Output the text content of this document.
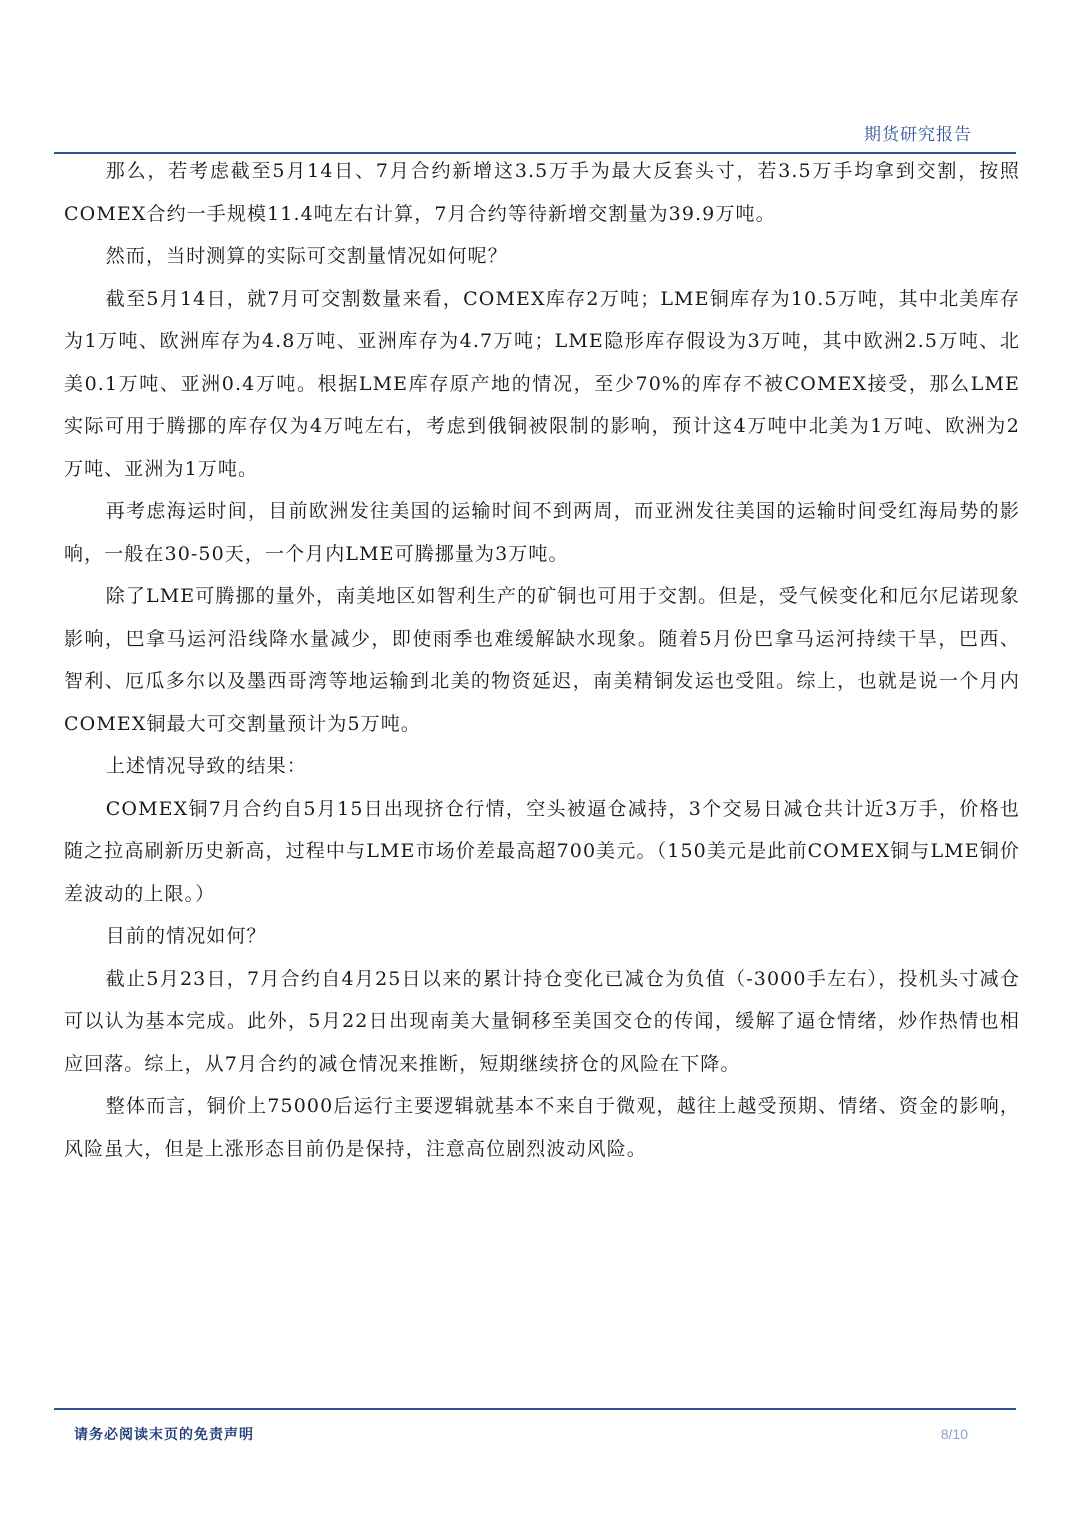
期货研究报告

那么，若考虑截至5月14日、7月合约新增这3.5万手为最大反套头寸，若3.5万手均拿到交割，按照COMEX合约一手规模11.4吨左右计算，7月合约等待新增交割量为39.9万吨。

然而，当时测算的实际可交割量情况如何呢？

截至5月14日，就7月可交割数量来看，COMEX库存2万吨；LME铜库存为10.5万吨，其中北美库存为1万吨、欧洲库存为4.8万吨、亚洲库存为4.7万吨；LME隐形库存假设为3万吨，其中欧洲2.5万吨、北美0.1万吨、亚洲0.4万吨。根据LME库存原产地的情况，至少70%的库存不被COMEX接受，那么LME实际可用于腾挪的库存仅为4万吨左右，考虑到俄铜被限制的影响，预计这4万吨中北美为1万吨、欧洲为2万吨、亚洲为1万吨。

再考虑海运时间，目前欧洲发往美国的运输时间不到两周，而亚洲发往美国的运输时间受红海局势的影响，一般在30-50天，一个月内LME可腾挪量为3万吨。

除了LME可腾挪的量外，南美地区如智利生产的矿铜也可用于交割。但是，受气候变化和厄尔尼诺现象影响，巴拿马运河沿线降水量减少，即使雨季也难缓解缺水现象。随着5月份巴拿马运河持续干旱，巴西、智利、厄瓜多尔以及墨西哥湾等地运输到北美的物资延迟，南美精铜发运也受阻。综上，也就是说一个月内COMEX铜最大可交割量预计为5万吨。

上述情况导致的结果：

COMEX铜7月合约自5月15日出现挤仓行情，空头被逼仓减持，3个交易日减仓共计近3万手，价格也随之拉高刷新历史新高，过程中与LME市场价差最高超700美元。（150美元是此前COMEX铜与LME铜价差波动的上限。）

目前的情况如何？

截止5月23日，7月合约自4月25日以来的累计持仓变化已减仓为负值（-3000手左右），投机头寸减仓可以认为基本完成。此外，5月22日出现南美大量铜移至美国交仓的传闻，缓解了逼仓情绪，炒作热情也相应回落。综上，从7月合约的减仓情况来推断，短期继续挤仓的风险在下降。

整体而言，铜价上75000后运行主要逻辑就基本不来自于微观，越往上越受预期、情绪、资金的影响，风险虽大，但是上涨形态目前仍是保持，注意高位剧烈波动风险。

请务必阅读末页的免责声明	8/10
